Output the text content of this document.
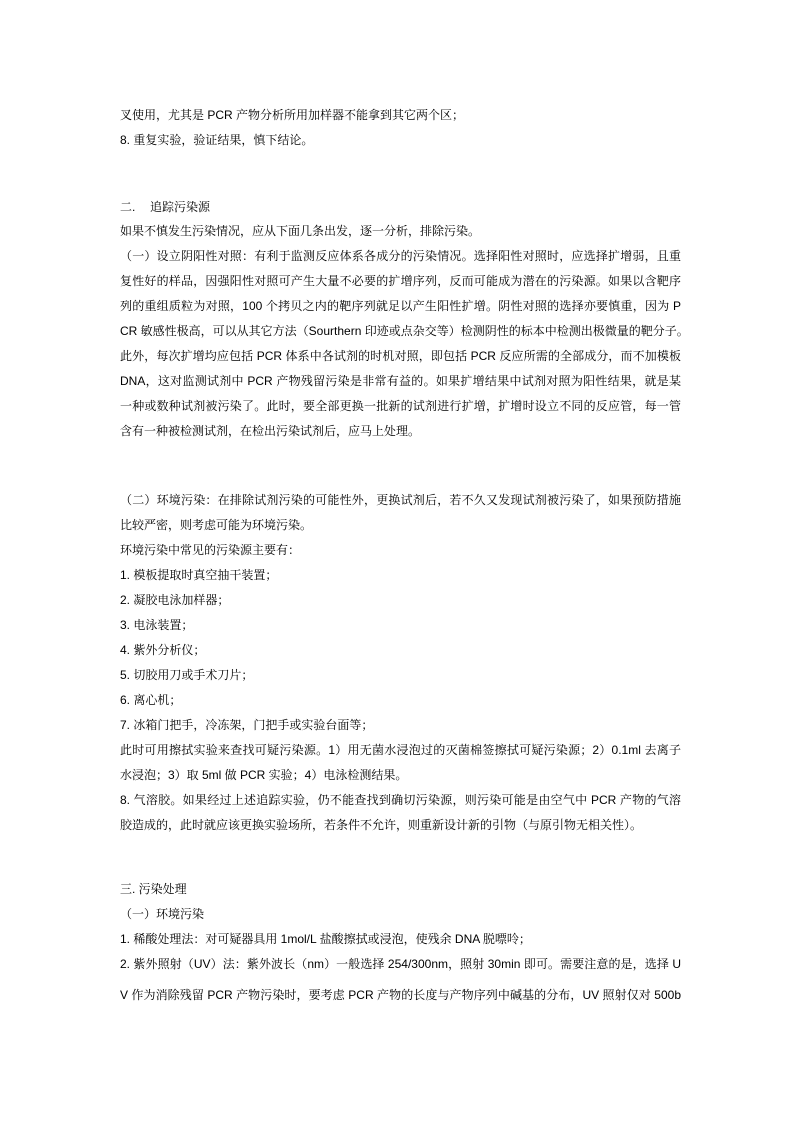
叉使用，尤其是 PCR 产物分析所用加样器不能拿到其它两个区；
8. 重复实验，验证结果，慎下结论。
二. 追踪污染源
如果不慎发生污染情况，应从下面几条出发，逐一分析，排除污染。
（一）设立阴阳性对照：有利于监测反应体系各成分的污染情况。选择阳性对照时，应选择扩增弱，且重
复性好的样品，因强阳性对照可产生大量不必要的扩增序列，反而可能成为潜在的污染源。如果以含靶序
列的重组质粒为对照，100 个拷贝之内的靶序列就足以产生阳性扩增。阴性对照的选择亦要慎重，因为 P
CR 敏感性极高，可以从其它方法（Sourthern 印迹或点杂交等）检测阴性的标本中检测出极微量的靶分子。
此外，每次扩增均应包括 PCR 体系中各试剂的时机对照，即包括 PCR 反应所需的全部成分，而不加模板
DNA，这对监测试剂中 PCR 产物残留污染是非常有益的。如果扩增结果中试剂对照为阳性结果，就是某
一种或数种试剂被污染了。此时，要全部更换一批新的试剂进行扩增，扩增时设立不同的反应管，每一管
含有一种被检测试剂，在检出污染试剂后，应马上处理。
（二）环境污染：在排除试剂污染的可能性外，更换试剂后，若不久又发现试剂被污染了，如果预防措施
比较严密，则考虑可能为环境污染。
环境污染中常见的污染源主要有：
1. 模板提取时真空抽干装置；
2. 凝胶电泳加样器；
3. 电泳装置；
4. 紫外分析仪；
5. 切胶用刀或手术刀片；
6. 离心机；
7. 冰箱门把手，冷冻架，门把手或实验台面等；
此时可用擦拭实验来查找可疑污染源。1）用无菌水浸泡过的灭菌棉签擦拭可疑污染源；2）0.1ml 去离子
水浸泡；3）取 5ml 做 PCR 实验；4）电泳检测结果。
8. 气溶胶。如果经过上述追踪实验，仍不能查找到确切污染源，则污染可能是由空气中 PCR 产物的气溶
胶造成的，此时就应该更换实验场所，若条件不允许，则重新设计新的引物（与原引物无相关性）。
三. 污染处理
（一）环境污染
1. 稀酸处理法：对可疑器具用 1mol/L 盐酸擦拭或浸泡，使残余 DNA 脱嘌呤；
2. 紫外照射（UV）法：紫外波长（nm）一般选择 254/300nm，照射 30min 即可。需要注意的是，选择 U
V 作为消除残留 PCR 产物污染时，要考虑 PCR 产物的长度与产物序列中碱基的分布，UV 照射仅对 500b
